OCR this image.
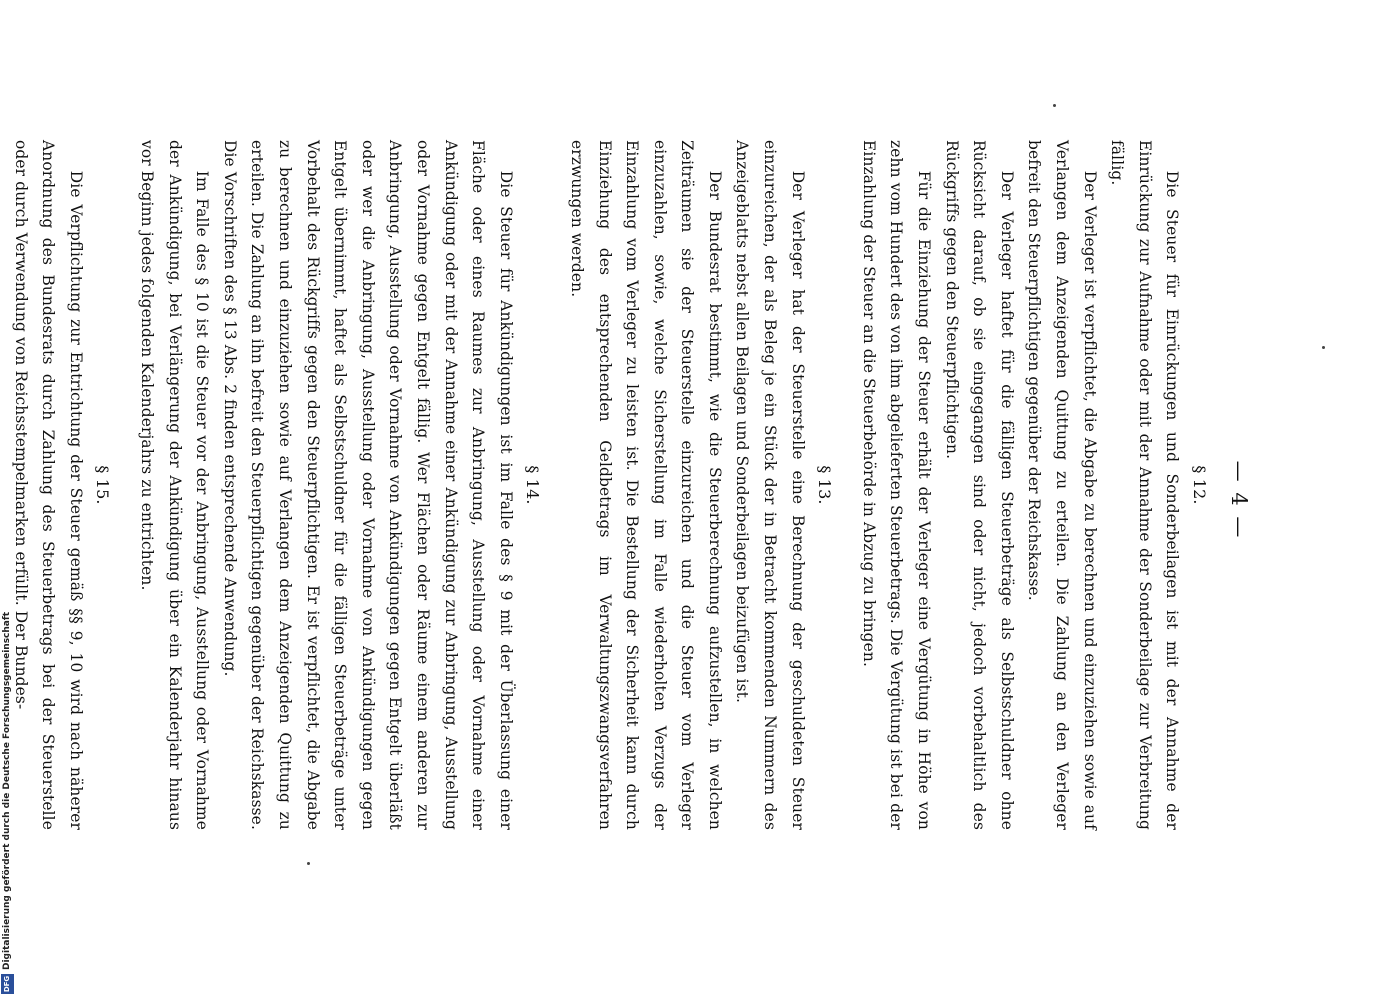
— 4 —

§ 12.

Die Steuer für Einrückungen und Sonderbeilagen ist mit der Annahme der Einrückung zur Aufnahme oder mit der Annahme der Sonderbeilage zur Verbreitung fällig.

Der Verleger ist verpflichtet, die Abgabe zu berechnen und einzuziehen sowie auf Verlangen dem Anzeigenden Quittung zu erteilen. Die Zahlung an den Verleger befreit den Steuerpflichtigen gegenüber der Reichskasse.

Der Verleger haftet für die fälligen Steuerbeträge als Selbstschuldner ohne Rücksicht darauf, ob sie eingegangen sind oder nicht, jedoch vorbehaltlich des Rückgriffs gegen den Steuerpflichtigen.

Für die Einziehung der Steuer erhält der Verleger eine Vergütung in Höhe von zehn vom Hundert des von ihm abgelieferten Steuerbetrags. Die Vergütung ist bei der Einzahlung der Steuer an die Steuerbehörde in Abzug zu bringen.

§ 13.

Der Verleger hat der Steuerstelle eine Berechnung der geschuldeten Steuer einzureichen, der als Beleg je ein Stück der in Betracht kommenden Nummern des Anzeigeblatts nebst allen Beilagen und Sonderbeilagen beizufügen ist.

Der Bundesrat bestimmt, wie die Steuerberechnung aufzustellen, in welchen Zeiträumen sie der Steuerstelle einzureichen und die Steuer vom Verleger einzuzahlen, sowie, welche Sicherstellung im Falle wiederholten Verzugs der Einzahlung vom Verleger zu leisten ist. Die Bestellung der Sicherheit kann durch Einziehung des entsprechenden Geldbetrags im Verwaltungszwangsverfahren erzwungen werden.

§ 14.

Die Steuer für Ankündigungen ist im Falle des § 9 mit der Überlassung einer Fläche oder eines Raumes zur Anbringung, Ausstellung oder Vornahme einer Ankündigung oder mit der Annahme einer Ankündigung zur Anbringung, Ausstellung oder Vornahme gegen Entgelt fällig. Wer Flächen oder Räume einem anderen zur Anbringung, Ausstellung oder Vornahme von Ankündigungen gegen Entgelt überläßt oder wer die Anbringung, Ausstellung oder Vornahme von Ankündigungen gegen Entgelt übernimmt, haftet als Selbstschuldner für die fälligen Steuerbeträge unter Vorbehalt des Rückgriffs gegen den Steuerpflichtigen. Er ist verpflichtet, die Abgabe zu berechnen und einzuziehen sowie auf Verlangen dem Anzeigenden Quittung zu erteilen. Die Zahlung an ihn befreit den Steuerpflichtigen gegenüber der Reichskasse. Die Vorschriften des § 13 Abs. 2 finden entsprechende Anwendung.

Im Falle des § 10 ist die Steuer vor der Anbringung, Ausstellung oder Vornahme der Ankündigung, bei Verlängerung der Ankündigung über ein Kalenderjahr hinaus vor Beginn jedes folgenden Kalenderjahrs zu entrichten.

§ 15.

Die Verpflichtung zur Entrichtung der Steuer gemäß §§ 9, 10 wird nach näherer Anordnung des Bundesrats durch Zahlung des Steuerbetrags bei der Steuerstelle oder durch Verwendung von Reichsstempelmarken erfüllt. Der Bundes-

Digitalisierung gefördert durch die Deutsche Forschungsgemeinschaft
DFG
